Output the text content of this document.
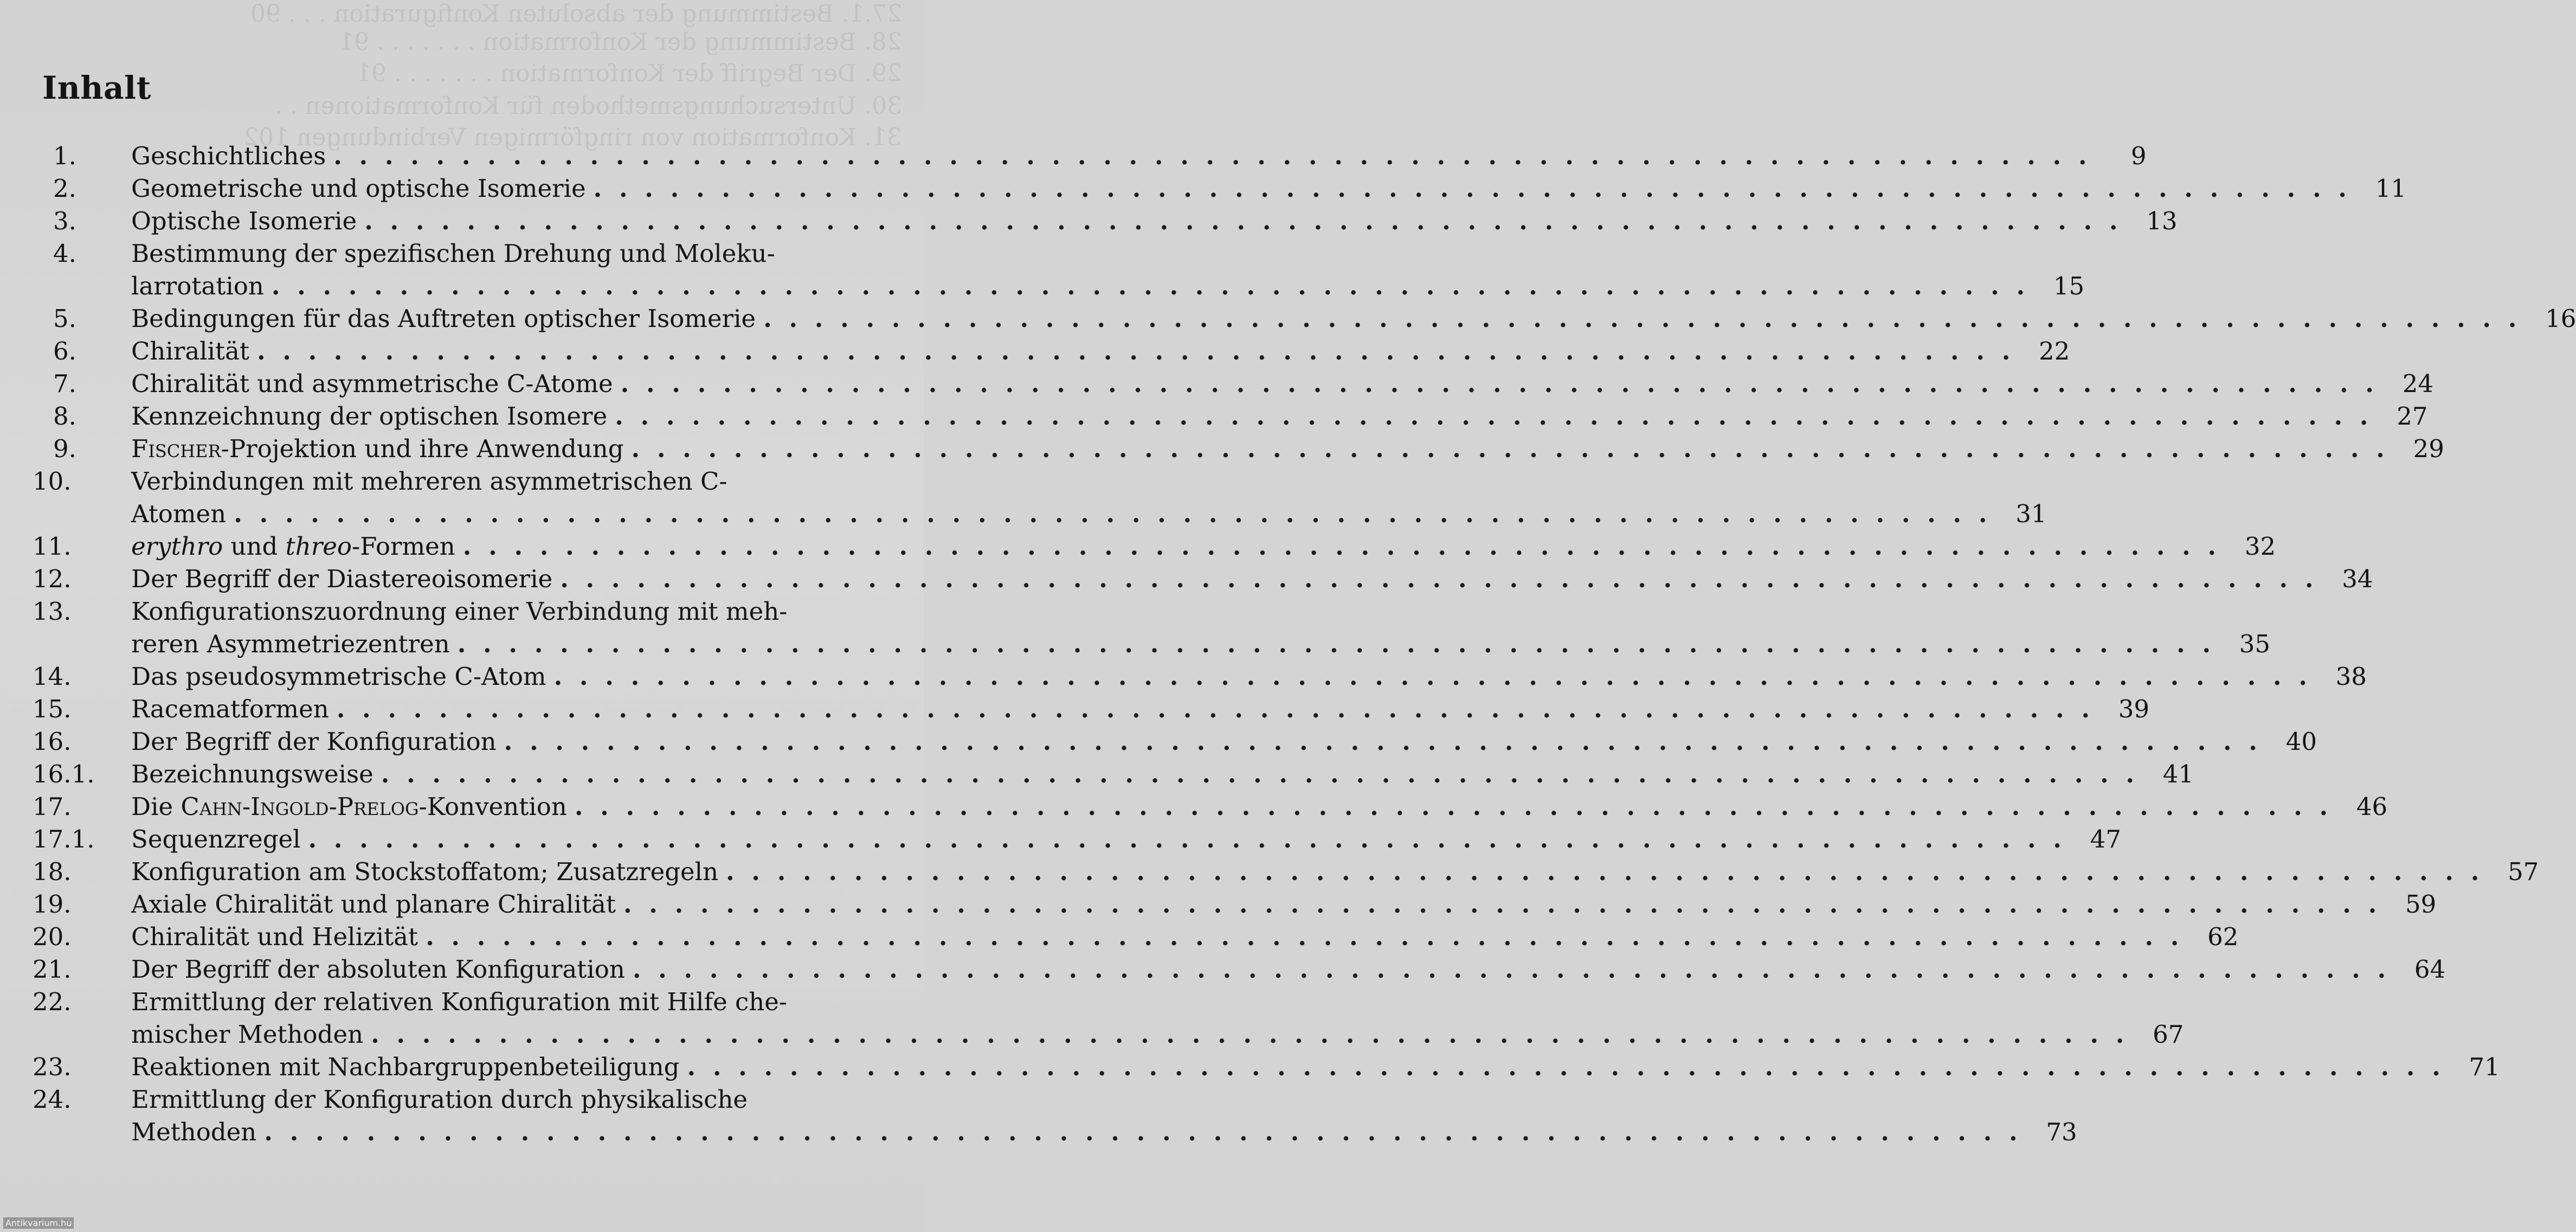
27.1. Bestimmung der absoluten Konfiguration . . . 90
28. Bestimmung der Konformation . . . . . . . 91
29. Der Begriff der Konformation . . . . . . . 91
30. Untersuchungsmethoden für Konformationen . .
31. Konformation von ringförmigen Verbindungen 102
Inhalt
1.	Geschichtliches . . .	9
2.	Geometrische und optische Isomerie . . .	11
3.	Optische Isomerie . . .	13
4.	Bestimmung der spezifischen Drehung und Moleku-
larrotation . . .	15
5.	Bedingungen für das Auftreten optischer Isomerie . . .	16
6.	Chiralität . . .	22
7.	Chiralität und asymmetrische C-Atome . . .	24
8.	Kennzeichnung der optischen Isomere . . .	27
9.	Fischer-Projektion und ihre Anwendung . . .	29
10.	Verbindungen mit mehreren asymmetrischen C-
Atomen . . .	31
11.	erythro und threo-Formen . . .	32
12.	Der Begriff der Diastereoisomerie . . .	34
13.	Konfigurationszuordnung einer Verbindung mit meh-
reren Asymmetriezentren . . .	35
14.	Das pseudosymmetrische C-Atom . . .	38
15.	Racematformen . . .	39
16.	Der Begriff der Konfiguration . . .	40
16.1.	Bezeichnungsweise . . .	41
17.	Die Cahn-Ingold-Prelog-Konvention . . .	46
17.1.	Sequenzregel . . .	47
18.	Konfiguration am Stockstoffatom; Zusatzregeln . . .	57
19.	Axiale Chiralität und planare Chiralität . . .	59
20.	Chiralität und Helizität . . .	62
21.	Der Begriff der absoluten Konfiguration . . .	64
22.	Ermittlung der relativen Konfiguration mit Hilfe che-
mischer Methoden . . .	67
23.	Reaktionen mit Nachbargruppenbeteiligung . . .	71
24.	Ermittlung der Konfiguration durch physikalische
Methoden . . .	73
Antikvarium.hu
